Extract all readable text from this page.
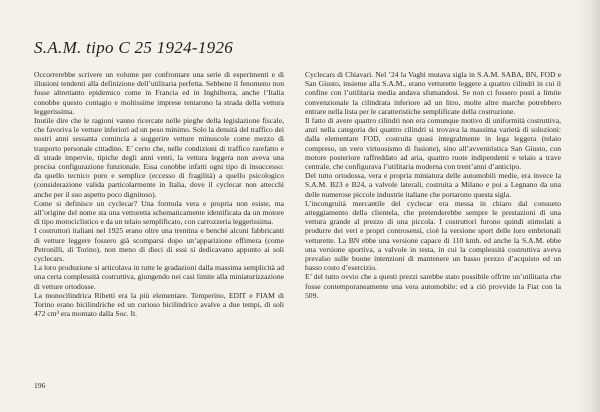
S.A.M. tipo C 25 1924-1926

Occorrerebbe scrivere un volume per confrontare una serie di esperimenti e di illusioni tendenti alla definizione dell’utilitaria perfetta. Sebbene il fenomeno non fosse altrettanto epidemico come in Francia ed in Inghilterra, anche l’Italia conobbe questo contagio e moltissime imprese tentarono la strada della vettura leggerissima.

Inutile dire che le ragioni vanno ricercate nelle pieghe della legislazione fiscale, che favoriva le vetture inferiori ad un peso minimo. Solo la densità del traffico dei nostri anni sessanta comincia a suggerire vetture minuscole come mezzo di trasporto personale cittadino. E’ certo che, nelle condizioni di traffico rarefatto e di strade impervie, tipiche degli anni venti, la vettura leggera non aveva una precisa configurazione funzionale. Essa conobbe infatti ogni tipo di insuccesso: da quello tecnico puro e semplice (eccesso di fragilità) a quello psicologico (considerazione valida particolarmente in Italia, dove il cyclecar non attecchì anche per il suo aspetto poco dignitoso).

Come si definisce un cyclecar? Una formula vera e propria non esiste, ma all’origine del nome sta una vetturetta schematicamente identificata da un motore di tipo motociclistico e da un telaio semplificato, con carrozzeria leggerissima.

I costruttori italiani nel 1925 erano oltre una trentina e benchè alcuni fabbricanti di vetture leggere fossero già scomparsi dopo un’apparizione effimera (come Petronilli, di Torino), non meno di dieci di essi si dedicavano appunto ai soli cyclecars.

La loro produzione si articolava in tutte le gradazioni dalla massima semplicità ad una certa complessità costruttiva, giungendo nei casi limite alla miniaturizzazione di vetture ortodosse.

La monocilindrica Ribetti era la più elementare. Temperino, EDIT e FIAM di Torino erano bicilindriche ed un curioso bicilindrico avalve a due tempi, di soli 472 cm³ era montato dalla Soc. It.

Cyclecars di Chiavari. Nel ’24 la Vaghi mutava sigla in S.A.M. SABA, BN, FOD e San Giusto, insieme alla S.A.M., erano vetturette leggere a quattro cilindri in cui il confine con l’utilitaria media andava sfumandosi. Se non ci fossero posti a limite convenzionale la cilindrata inferiore ad un litro, molte altre marche potrebbero entrare nella lista per le caratteristiche semplificate della costruzione.

Il fatto di avere quattro cilindri non era comunque motivo di uniformità costruttiva, anzi nella categoria dei quattro cilindri si trovava la massima varietà di soluzioni: dalla elementare FOD, costruita quasi integralmente in lega leggera (telaio compreso, un vero virtuosismo di fusione), sino all’avveniristica San Giusto, con motore posteriore raffreddato ad aria, quattro ruote indipendenti e telaio a trave centrale, che configurava l’utilitaria moderna con trent’anni d’anticipo.

Del tutto ortodossa, vera e propria miniatura delle automobili medie, era invece la S.A.M. B23 e B24, a valvole laterali, costruita a Milano e poi a Legnano da una delle numerose piccole industrie italiane che portarono questa sigla.

L’incongruità mercantile del cyclecar era messa in chiaro dal consueto atteggiamento della clientela, che pretenderebbe sempre le prestazioni di una vettura grande al prezzo di una piccola. I costruttori furono quindi stimolati a produrre dei veri e propri controsensi, cioè la versione sport delle loro embrionali vetturette. La BN ebbe una versione capace di 110 kmh. ed anche la S.A.M. ebbe una versione sportiva, a valvole in testa, in cui la complessità costruttiva aveva prevalso sulle buone intenzioni di mantenere un basso prezzo d’acquisto ed un basso costo d’esercizio.

E’ del tutto ovvio che a questi prezzi sarebbe stato possibile offrire un’utilitaria che fosse contemporaneamente una vera automobile: ed a ciò provvide la Fiat con la 509.

196
